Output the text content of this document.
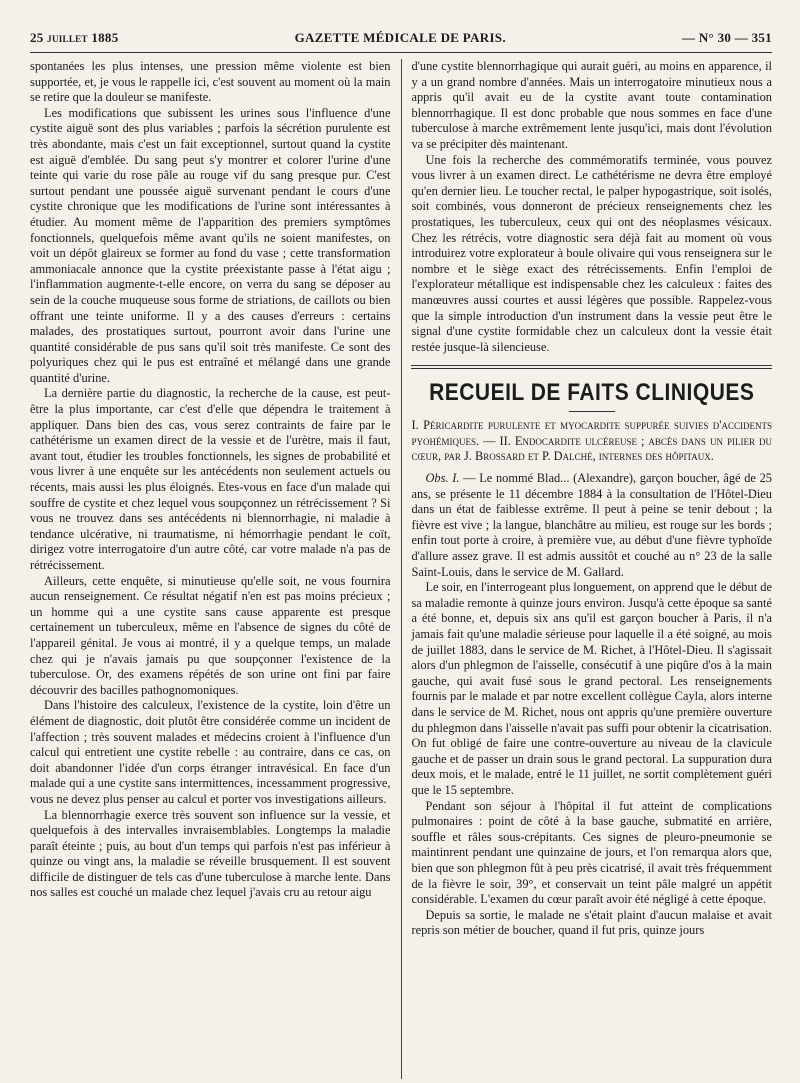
25 juillet 1885	GAZETTE MÉDICALE DE PARIS.	— N° 30 — 351

spontanées les plus intenses, une pression même violente est bien supportée, et, je vous le rappelle ici, c'est souvent au moment où la main se retire que la douleur se manifeste.

Les modifications que subissent les urines sous l'influence d'une cystite aiguë sont des plus variables ; parfois la sécrétion purulente est très abondante, mais c'est un fait exceptionnel, surtout quand la cystite est aiguë d'emblée. Du sang peut s'y montrer et colorer l'urine d'une teinte qui varie du rose pâle au rouge vif du sang presque pur. C'est surtout pendant une poussée aiguë survenant pendant le cours d'une cystite chronique que les modifications de l'urine sont intéressantes à étudier. Au moment même de l'apparition des premiers symptômes fonctionnels, quelquefois même avant qu'ils ne soient manifestes, on voit un dépôt glaireux se former au fond du vase ; cette transformation ammoniacale annonce que la cystite préexistante passe à l'état aigu ; l'inflammation augmente-t-elle encore, on verra du sang se déposer au sein de la couche muqueuse sous forme de striations, de caillots ou bien offrant une teinte uniforme. Il y a des causes d'erreurs : certains malades, des prostatiques surtout, pourront avoir dans l'urine une quantité considérable de pus sans qu'il soit très manifeste. Ce sont des polyuriques chez qui le pus est entraîné et mélangé dans une grande quantité d'urine.

La dernière partie du diagnostic, la recherche de la cause, est peut-être la plus importante, car c'est d'elle que dépendra le traitement à appliquer. Dans bien des cas, vous serez contraints de faire par le cathétérisme un examen direct de la vessie et de l'urètre, mais il faut, avant tout, étudier les troubles fonctionnels, les signes de probabilité et vous livrer à une enquête sur les antécédents non seulement actuels ou récents, mais aussi les plus éloignés. Etes-vous en face d'un malade qui souffre de cystite et chez lequel vous soupçonnez un rétrécissement ? Si vous ne trouvez dans ses antécédents ni blennorrhagie, ni maladie à tendance ulcérative, ni traumatisme, ni hémorrhagie pendant le coït, dirigez votre interrogatoire d'un autre côté, car votre malade n'a pas de rétrécissement.

Ailleurs, cette enquête, si minutieuse qu'elle soit, ne vous fournira aucun renseignement. Ce résultat négatif n'en est pas moins précieux ; un homme qui a une cystite sans cause apparente est presque certainement un tuberculeux, même en l'absence de signes du côté de l'appareil génital. Je vous ai montré, il y a quelque temps, un malade chez qui je n'avais jamais pu que soupçonner l'existence de la tuberculose. Or, des examens répétés de son urine ont fini par faire découvrir des bacilles pathognomoniques.

Dans l'histoire des calculeux, l'existence de la cystite, loin d'être un élément de diagnostic, doit plutôt être considérée comme un incident de l'affection ; très souvent malades et médecins croient à l'influence d'un calcul qui entretient une cystite rebelle : au contraire, dans ce cas, on doit abandonner l'idée d'un corps étranger intravésical. En face d'un malade qui a une cystite sans intermittences, incessamment progressive, vous ne devez plus penser au calcul et porter vos investigations ailleurs.

La blennorrhagie exerce très souvent son influence sur la vessie, et quelquefois à des intervalles invraisemblables. Longtemps la maladie paraît éteinte ; puis, au bout d'un temps qui parfois n'est pas inférieur à quinze ou vingt ans, la maladie se réveille brusquement. Il est souvent difficile de distinguer de tels cas d'une tuberculose à marche lente. Dans nos salles est couché un malade chez lequel j'avais cru au retour aigu

d'une cystite blennorrhagique qui aurait guéri, au moins en apparence, il y a un grand nombre d'années. Mais un interrogatoire minutieux nous a appris qu'il avait eu de la cystite avant toute contamination blennorrhagique. Il est donc probable que nous sommes en face d'une tuberculose à marche extrêmement lente jusqu'ici, mais dont l'évolution va se précipiter dès maintenant.

Une fois la recherche des commémoratifs terminée, vous pouvez vous livrer à un examen direct. Le cathétérisme ne devra être employé qu'en dernier lieu. Le toucher rectal, le palper hypogastrique, soit isolés, soit combinés, vous donneront de précieux renseignements chez les prostatiques, les tuberculeux, ceux qui ont des néoplasmes vésicaux. Chez les rétrécis, votre diagnostic sera déjà fait au moment où vous introduirez votre explorateur à boule olivaire qui vous renseignera sur le nombre et le siège exact des rétrécissements. Enfin l'emploi de l'explorateur métallique est indispensable chez les calculeux : faites des manœuvres aussi courtes et aussi légères que possible. Rappelez-vous que la simple introduction d'un instrument dans la vessie peut être le signal d'une cystite formidable chez un calculeux dont la vessie était restée jusque-là silencieuse.

RECUEIL DE FAITS CLINIQUES
I. Péricardite purulente et myocardite suppurée suivies d'accidents pyohémiques. — II. Endocardite ulcéreuse ; abcès dans un pilier du cœur, par J. Brossard et P. Dalché, internes des hôpitaux.

Obs. I. — Le nommé Blad... (Alexandre), garçon boucher, âgé de 25 ans, se présente le 11 décembre 1884 à la consultation de l'Hôtel-Dieu dans un état de faiblesse extrême. Il peut à peine se tenir debout ; la fièvre est vive ; la langue, blanchâtre au milieu, est rouge sur les bords ; enfin tout porte à croire, à première vue, au début d'une fièvre typhoïde d'allure assez grave. Il est admis aussitôt et couché au n° 23 de la salle Saint-Louis, dans le service de M. Gallard.

Le soir, en l'interrogeant plus longuement, on apprend que le début de sa maladie remonte à quinze jours environ. Jusqu'à cette époque sa santé a été bonne, et, depuis six ans qu'il est garçon boucher à Paris, il n'a jamais fait qu'une maladie sérieuse pour laquelle il a été soigné, au mois de juillet 1883, dans le service de M. Richet, à l'Hôtel-Dieu. Il s'agissait alors d'un phlegmon de l'aisselle, consécutif à une piqûre d'os à la main gauche, qui avait fusé sous le grand pectoral. Les renseignements fournis par le malade et par notre excellent collègue Cayla, alors interne dans le service de M. Richet, nous ont appris qu'une première ouverture du phlegmon dans l'aisselle n'avait pas suffi pour obtenir la cicatrisation. On fut obligé de faire une contre-ouverture au niveau de la clavicule gauche et de passer un drain sous le grand pectoral. La suppuration dura deux mois, et le malade, entré le 11 juillet, ne sortit complètement guéri que le 15 septembre.

Pendant son séjour à l'hôpital il fut atteint de complications pulmonaires : point de côté à la base gauche, submatité en arrière, souffle et râles sous-crépitants. Ces signes de pleuro-pneumonie se maintinrent pendant une quinzaine de jours, et l'on remarqua alors que, bien que son phlegmon fût à peu près cicatrisé, il avait très fréquemment de la fièvre le soir, 39°, et conservait un teint pâle malgré un appétit considérable. L'examen du cœur paraît avoir été négligé à cette époque.

Depuis sa sortie, le malade ne s'était plaint d'aucun malaise et avait repris son métier de boucher, quand il fut pris, quinze jours
